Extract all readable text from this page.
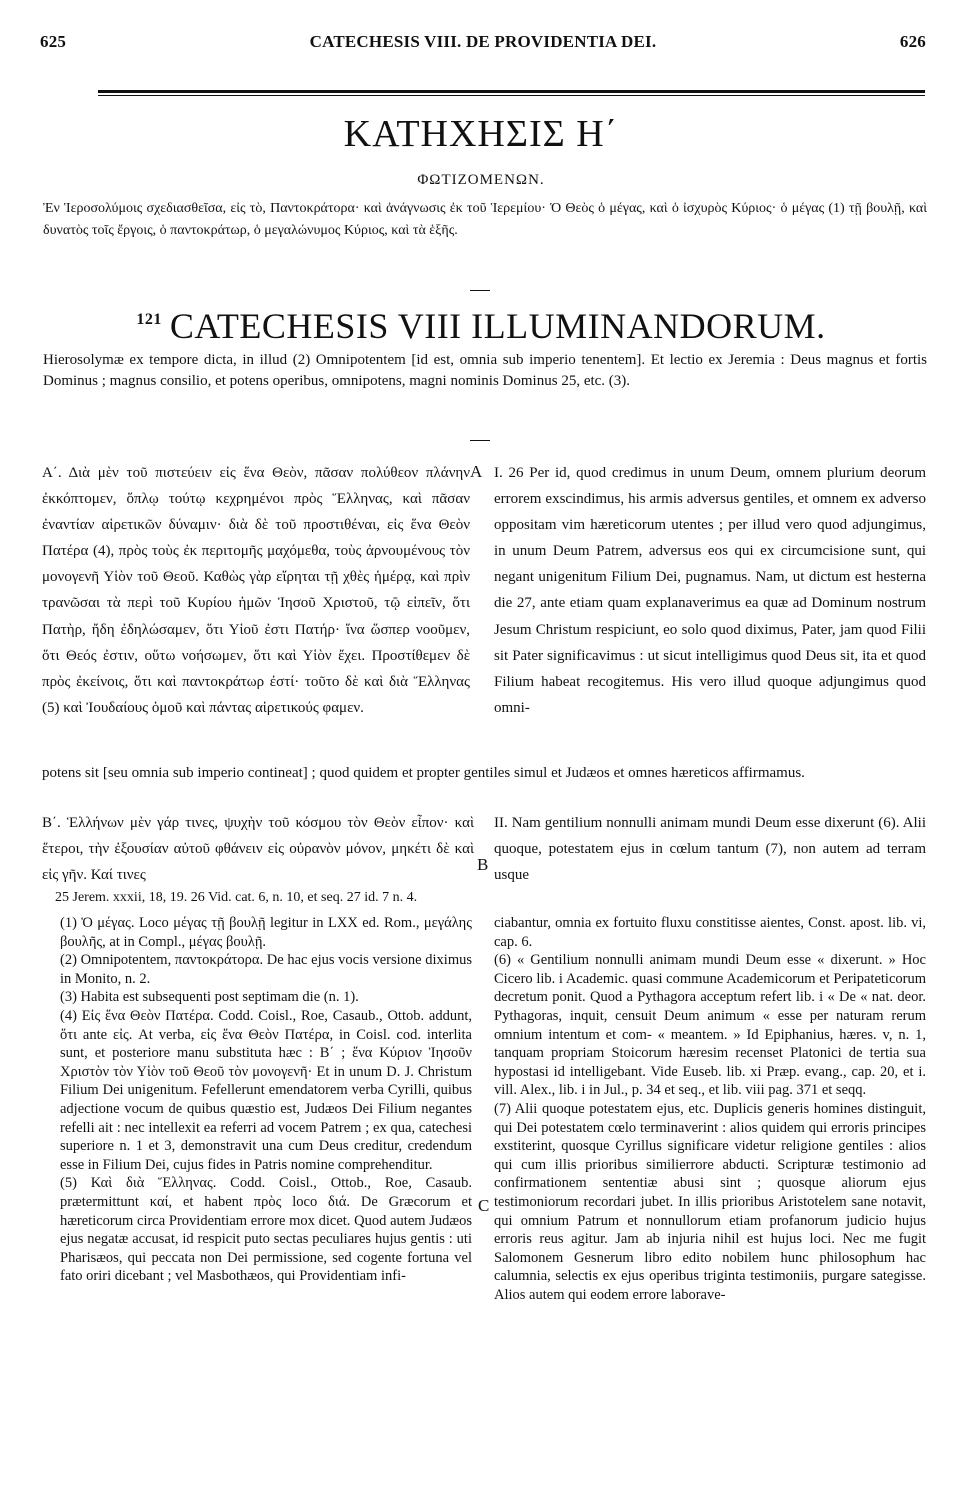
625	CATECHESIS VIII. DE PROVIDENTIA DEI.	626
ΚΑΤΗΧΗΣΙΣ Η΄
ΦΩΤΙΖΟΜΕΝΩΝ.
Ἐν Ἱεροσολύμοις σχεδιασθεῖσα, εἰς τὸ, Παντοκράτορα· καὶ ἀνάγνωσις ἐκ τοῦ Ἱερεμίου· Ὁ Θεὸς ὁ μέγας, καὶ ὁ ἰσχυρὸς Κύριος· ὁ μέγας (1) τῇ βουλῇ, καὶ δυνατὸς τοῖς ἔργοις, ὁ παντοκράτωρ, ὁ μεγαλώνυμος Κύριος, καὶ τὰ ἑξῆς.
$^{121}$ CATECHESIS VIII ILLUMINANDORUM.
Hierosolymæ ex tempore dicta, in illud (2) Omnipotentem [id est, omnia sub imperio tenentem]. Et lectio ex Jeremia : Deus magnus et fortis Dominus ; magnus consilio, et potens operibus, omnipotens, magni nominis Dominus 25, etc. (3).
Α΄. Διὰ μὲν τοῦ πιστεύειν εἰς ἕνα Θεὸν, πᾶσαν πολύθεον πλάνην ἐκκόπτομεν, ὅπλῳ τούτῳ κεχρημένοι πρὸς Ἕλληνας, καὶ πᾶσαν ἐναντίαν αἱρετικῶν δύναμιν· διὰ δὲ τοῦ προστιθέναι, εἰς ἕνα Θεὸν Πατέρα (4), πρὸς τοὺς ἐκ περιτομῆς μαχόμεθα, τοὺς ἀρνουμένους τὸν μονογενῆ Υἱὸν τοῦ Θεοῦ. Καθὼς γὰρ εἴρηται τῇ χθὲς ἡμέρᾳ, καὶ πρὶν τρανῶσαι τὰ περὶ τοῦ Κυρίου ἡμῶν Ἰησοῦ Χριστοῦ, τῷ εἰπεῖν, ὅτι Πατὴρ, ἤδη ἐδηλώσαμεν, ὅτι Υἱοῦ ἐστι Πατήρ· ἵνα ὥσπερ νοοῦμεν, ὅτι Θεός ἐστιν, οὕτω νοήσωμεν, ὅτι καὶ Υἱὸν ἔχει. Προστίθεμεν δὲ πρὸς ἐκείνοις, ὅτι καὶ παντοκράτωρ ἐστί· τοῦτο δὲ καὶ διὰ Ἕλληνας (5) καὶ Ἰουδαίους ὁμοῦ καὶ πάντας αἱρετικούς φαμεν.
A I. 26 Per id, quod credimus in unum Deum, omnem plurium deorum errorem exscindimus, his armis adversus gentiles, et omnem ex adverso oppositam vim hæreticorum utentes ; per illud vero quod adjungimus, in unum Deum Patrem, adversus eos qui ex circumcisione sunt, qui negant unigenitum Filium Dei, pugnamus. Nam, ut dictum est hesterna die 27, ante etiam quam explanaverimus ea quæ ad Dominum nostrum Jesum Christum respiciunt, eo solo quod diximus, Pater, jam quod Filii sit Pater significavimus : ut sicut intelligimus quod Deus sit, ita et quod Filium habeat recogitemus. His vero illud quoque adjungimus quod omni-
potens sit [seu omnia sub imperio contineat] ; quod quidem et propter gentiles simul et Judæos et omnes hæreticos affirmamus.
Β΄. Ἑλλήνων μὲν γάρ τινες, ψυχὴν τοῦ κόσμου τὸν Θεὸν εἶπον· καὶ ἕτεροι, τὴν ἐξουσίαν αὐτοῦ φθάνειν εἰς οὐρανὸν μόνον, μηκέτι δὲ καὶ εἰς γῆν. Καί τινες
B
II. Nam gentilium nonnulli animam mundi Deum esse dixerunt (6). Alii quoque, potestatem ejus in cœlum tantum (7), non autem ad terram usque
25 Jerem. xxxii, 18, 19. 26 Vid. cat. 6, n. 10, et seq. 27 id. 7 n. 4.

(1) Ὁ μέγας. Loco μέγας τῇ βουλῇ legitur in LXX ed. Rom., μεγάλης βουλῆς, at in Compl., μέγας βουλῇ.

(2) Omnipotentem, παντοκράτορα. De hac ejus vocis versione diximus in Monito, n. 2.

(3) Habita est subsequenti post septimam die (n. 1).

(4) Εἰς ἕνα Θεὸν Πατέρα. Codd. Coisl., Roe, Casaub., Ottob. addunt, ὅτι ante εἰς. At verba, εἰς ἕνα Θεὸν Πατέρα, in Coisl. cod. interlita sunt, et posteriore manu substituta hæc : Β΄ ; ἕνα Κύριον Ἰησοῦν Χριστὸν τὸν Υἱὸν τοῦ Θεοῦ τὸν μονογενῆ· Et in unum D. J. Christum Filium Dei unigenitum. Fefellerunt emendatorem verba Cyrilli, quibus adjectione vocum de quibus quæstio est, Judæos Dei Filium negantes refelli ait : nec intellexit ea referri ad vocem Patrem ; ex qua, catechesi superiore n. 1 et 3, demonstravit una cum Deus creditur, credendum esse in Filium Dei, cujus fides in Patris nomine comprehenditur.

(5) Καὶ διὰ Ἕλληνας. Codd. Coisl., Ottob., Roe, Casaub. prætermittunt καί, et habent πρὸς loco διά. De Græcorum et hæreticorum circa Providentiam errore mox dicet. Quod autem Judæos ejus negatæ accusat, id respicit puto sectas peculiares hujus gentis : uti Pharisæos, qui peccata non Dei permissione, sed cogente fortuna vel fato oriri dicebant ; vel Masbothæos, qui Providentiam infi-

C

ciabantur, omnia ex fortuito fluxu constitisse aientes, Const. apost. lib. vi, cap. 6.

(6) « Gentilium nonnulli animam mundi Deum esse « dixerunt. » Hoc Cicero lib. i Academic. quasi commune Academicorum et Peripateticorum decretum ponit. Quod a Pythagora acceptum refert lib. i « De « nat. deor. Pythagoras, inquit, censuit Deum animum « esse per naturam rerum omnium intentum et com- « meantem. » Id Epiphanius, hæres. v, n. 1, tanquam propriam Stoicorum hæresim recenset Platonici de tertia sua hypostasi id intelligebant. Vide Euseb. lib. xi Præp. evang., cap. 20, et i. vill. Alex., lib. i in Jul., p. 34 et seq., et lib. viii pag. 371 et seqq.

(7) Alii quoque potestatem ejus, etc. Duplicis generis homines distinguit, qui Dei potestatem cœlo terminaverint : alios quidem qui erroris principes exstiterint, quosque Cyrillus significare videtur religione gentiles : alios qui cum illis prioribus similierrore abducti. Scripturæ testimonio ad confirmationem sententiæ abusi sint ; quosque aliorum ejus testimoniorum recordari jubet. In illis prioribus Aristotelem sane notavit, qui omnium Patrum et nonnullorum etiam profanorum judicio hujus erroris reus agitur. Jam ab injuria nihil est hujus loci. Nec me fugit Salomonem Gesnerum libro edito nobilem hunc philosophum hac calumnia, selectis ex ejus operibus triginta testimoniis, purgare sategisse. Alios autem qui eodem errore laborave-
